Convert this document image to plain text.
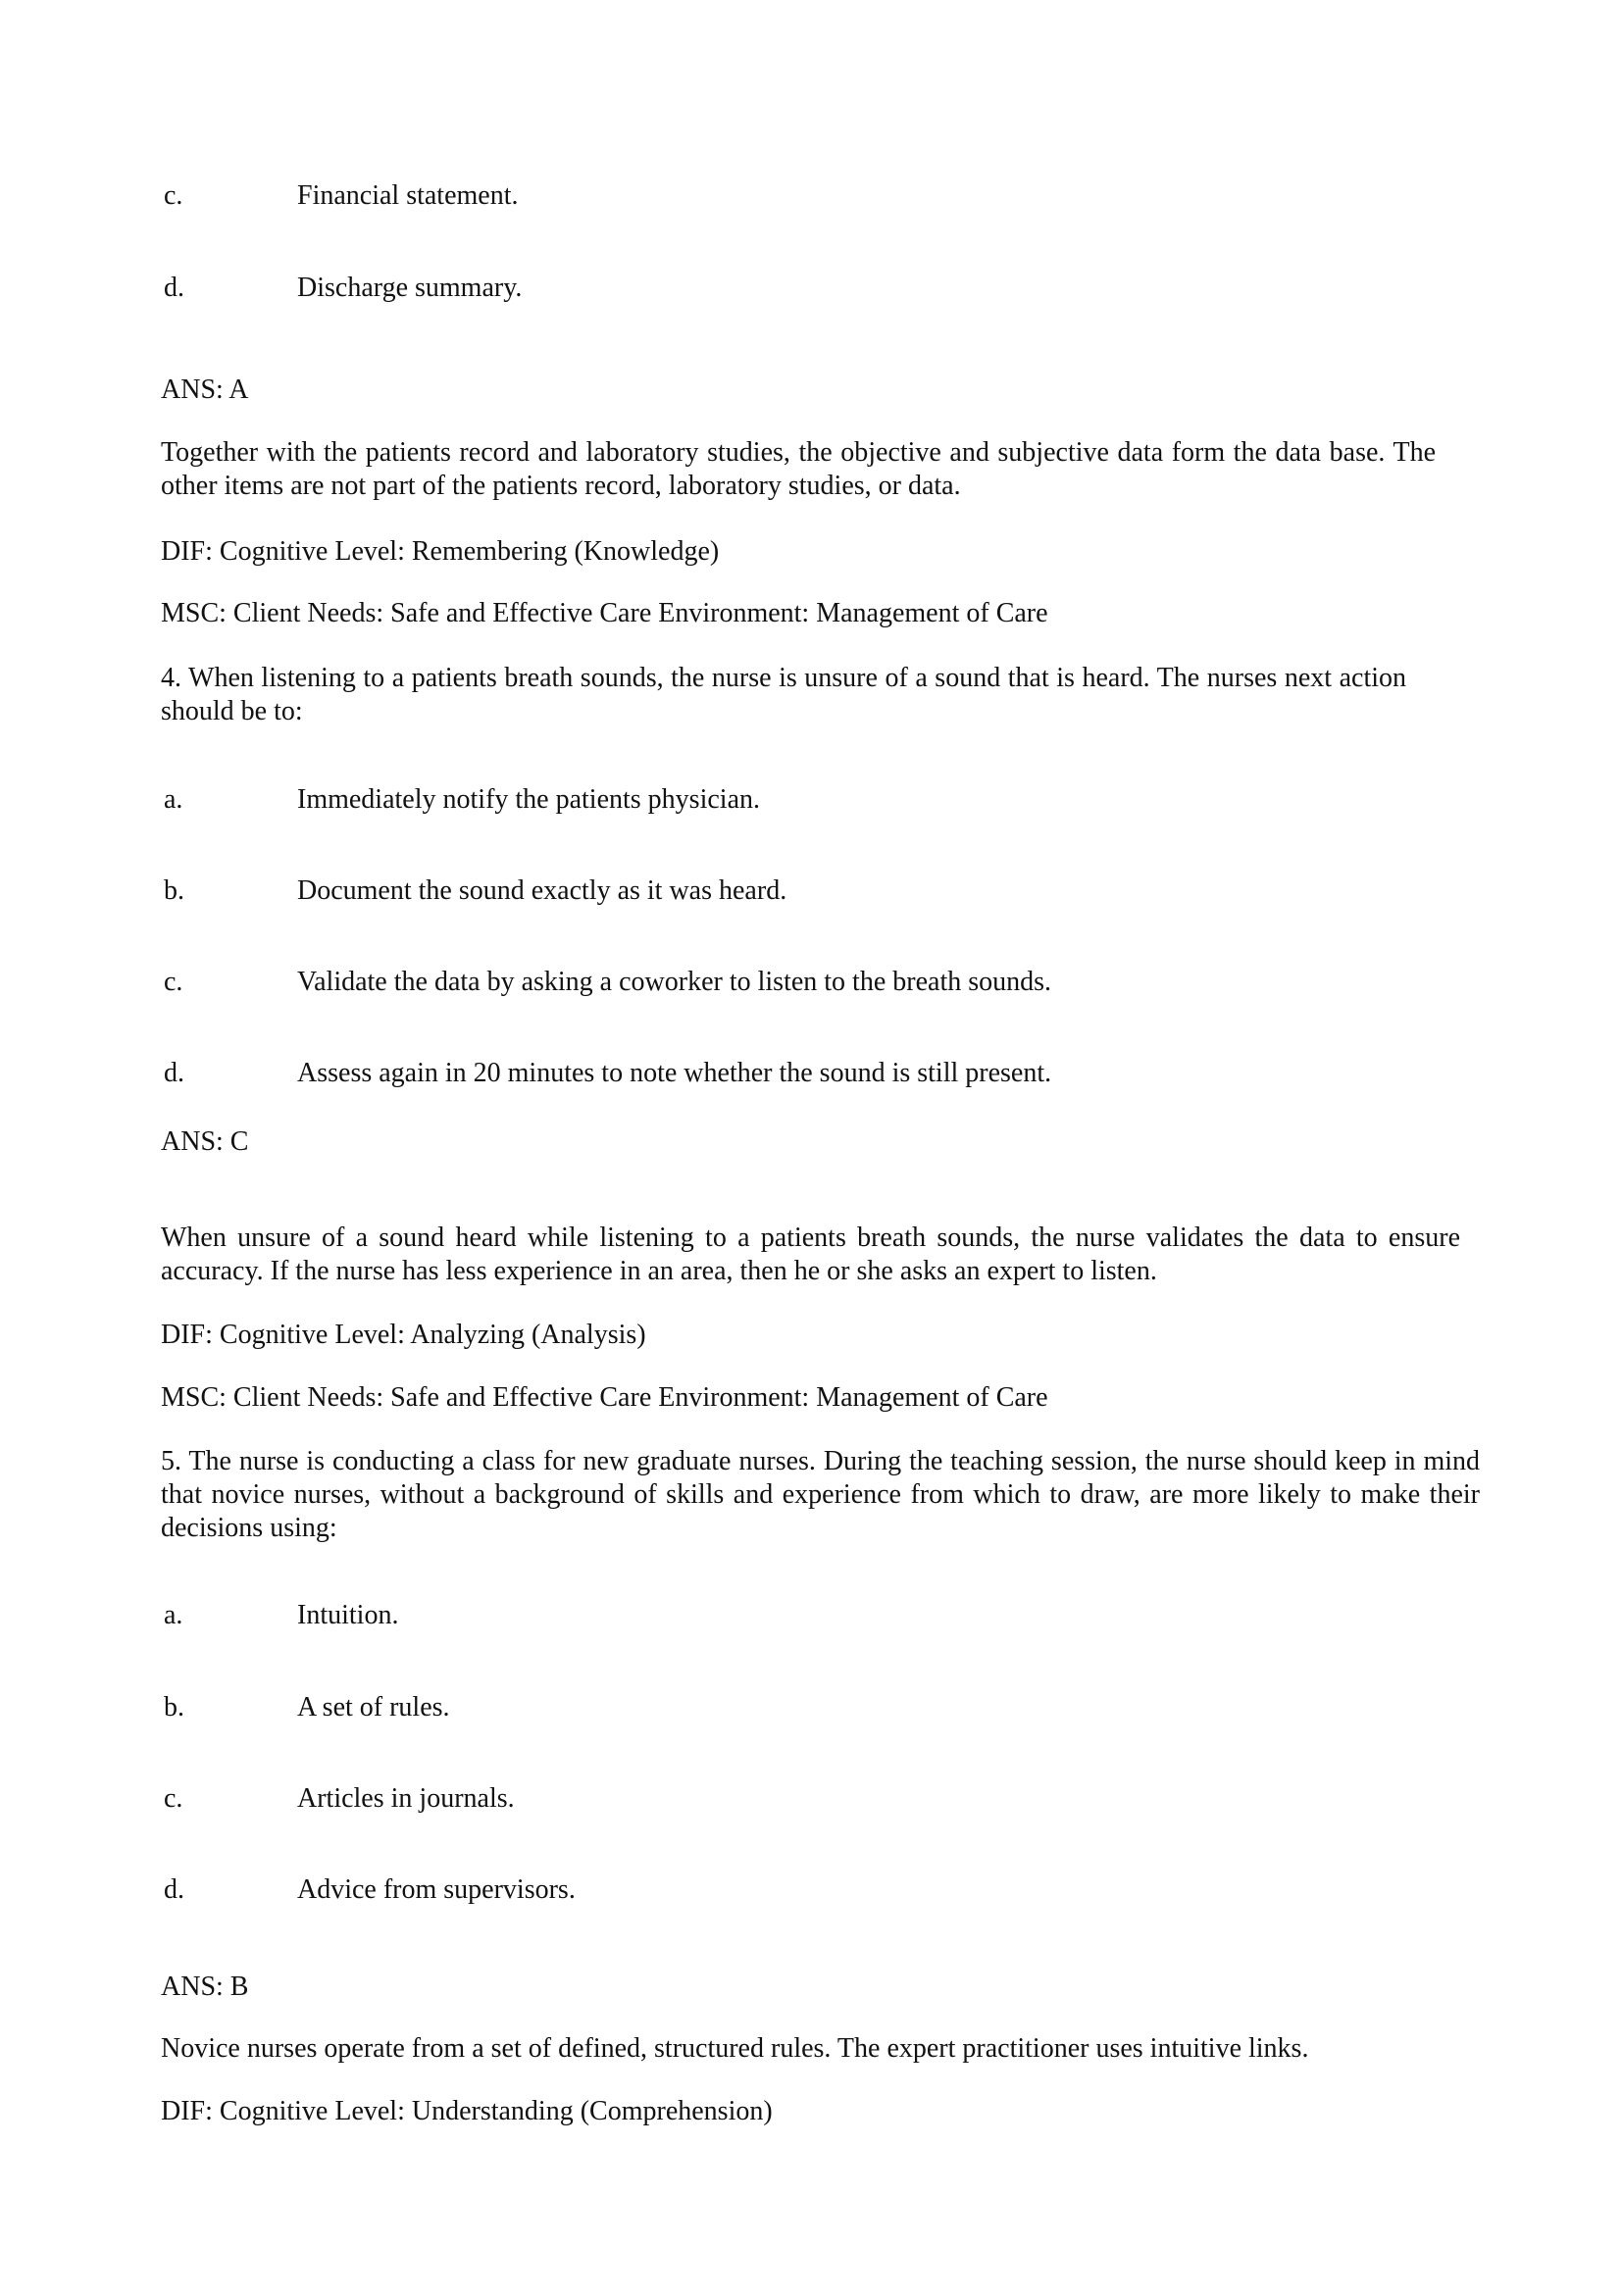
c.	Financial statement.
d.	Discharge summary.

ANS: A

Together with the patients record and laboratory studies, the objective and subjective data form the data base. The other items are not part of the patients record, laboratory studies, or data.

DIF: Cognitive Level: Remembering (Knowledge)

MSC: Client Needs: Safe and Effective Care Environment: Management of Care

4. When listening to a patients breath sounds, the nurse is unsure of a sound that is heard. The nurses next action should be to:

a.	Immediately notify the patients physician.
b.	Document the sound exactly as it was heard.
c.	Validate the data by asking a coworker to listen to the breath sounds.
d.	Assess again in 20 minutes to note whether the sound is still present.

ANS: C

When unsure of a sound heard while listening to a patients breath sounds, the nurse validates the data to ensure accuracy. If the nurse has less experience in an area, then he or she asks an expert to listen.

DIF: Cognitive Level: Analyzing (Analysis)

MSC: Client Needs: Safe and Effective Care Environment: Management of Care

5. The nurse is conducting a class for new graduate nurses. During the teaching session, the nurse should keep in mind that novice nurses, without a background of skills and experience from which to draw, are more likely to make their decisions using:

a.	Intuition.
b.	A set of rules.
c.	Articles in journals.
d.	Advice from supervisors.

ANS: B

Novice nurses operate from a set of defined, structured rules. The expert practitioner uses intuitive links.

DIF: Cognitive Level: Understanding (Comprehension)
